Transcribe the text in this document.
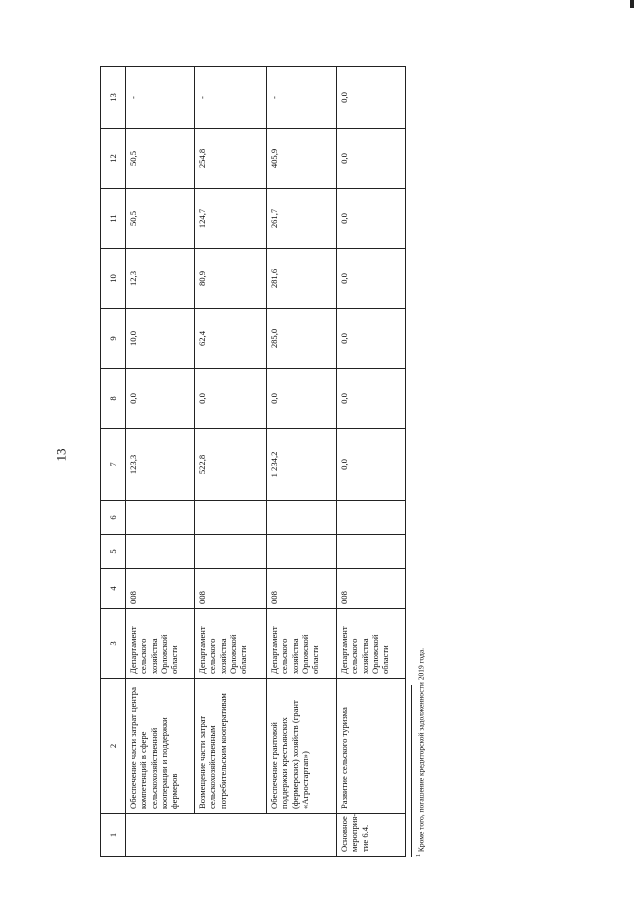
13
1	2	3	4	5	6	7	8	9	10	11	12	13
	Обеспечение части затрат центра компетенций в сфере сельскохозяйственной кооперации и поддержки фермеров	Департамент сельского хозяйства Орловской области	008			123,3	0,0	10,0	12,3	50,5	50,5	-
	Возмещение части затрат сельскохозяйственным потребительским кооперативам	Департамент сельского хозяйства Орловской области	008			522,8	0,0	62,4	80,9	124,7	254,8	-
	Обеспечение грантовой поддержки крестьянских (фермерских) хозяйств (грант «Агростартап»)	Департамент сельского хозяйства Орловской области	008			1 234,2	0,0	285,0	281,6	261,7	405,9	-
Основное мероприя-тие 6.4.	Развитие сельского туризма	Департамент сельского хозяйства Орловской области	008			0,0	0,0	0,0	0,0	0,0	0,0	0,0
$^1$ Кроме того, погашение кредиторской задолженности 2019 года.
